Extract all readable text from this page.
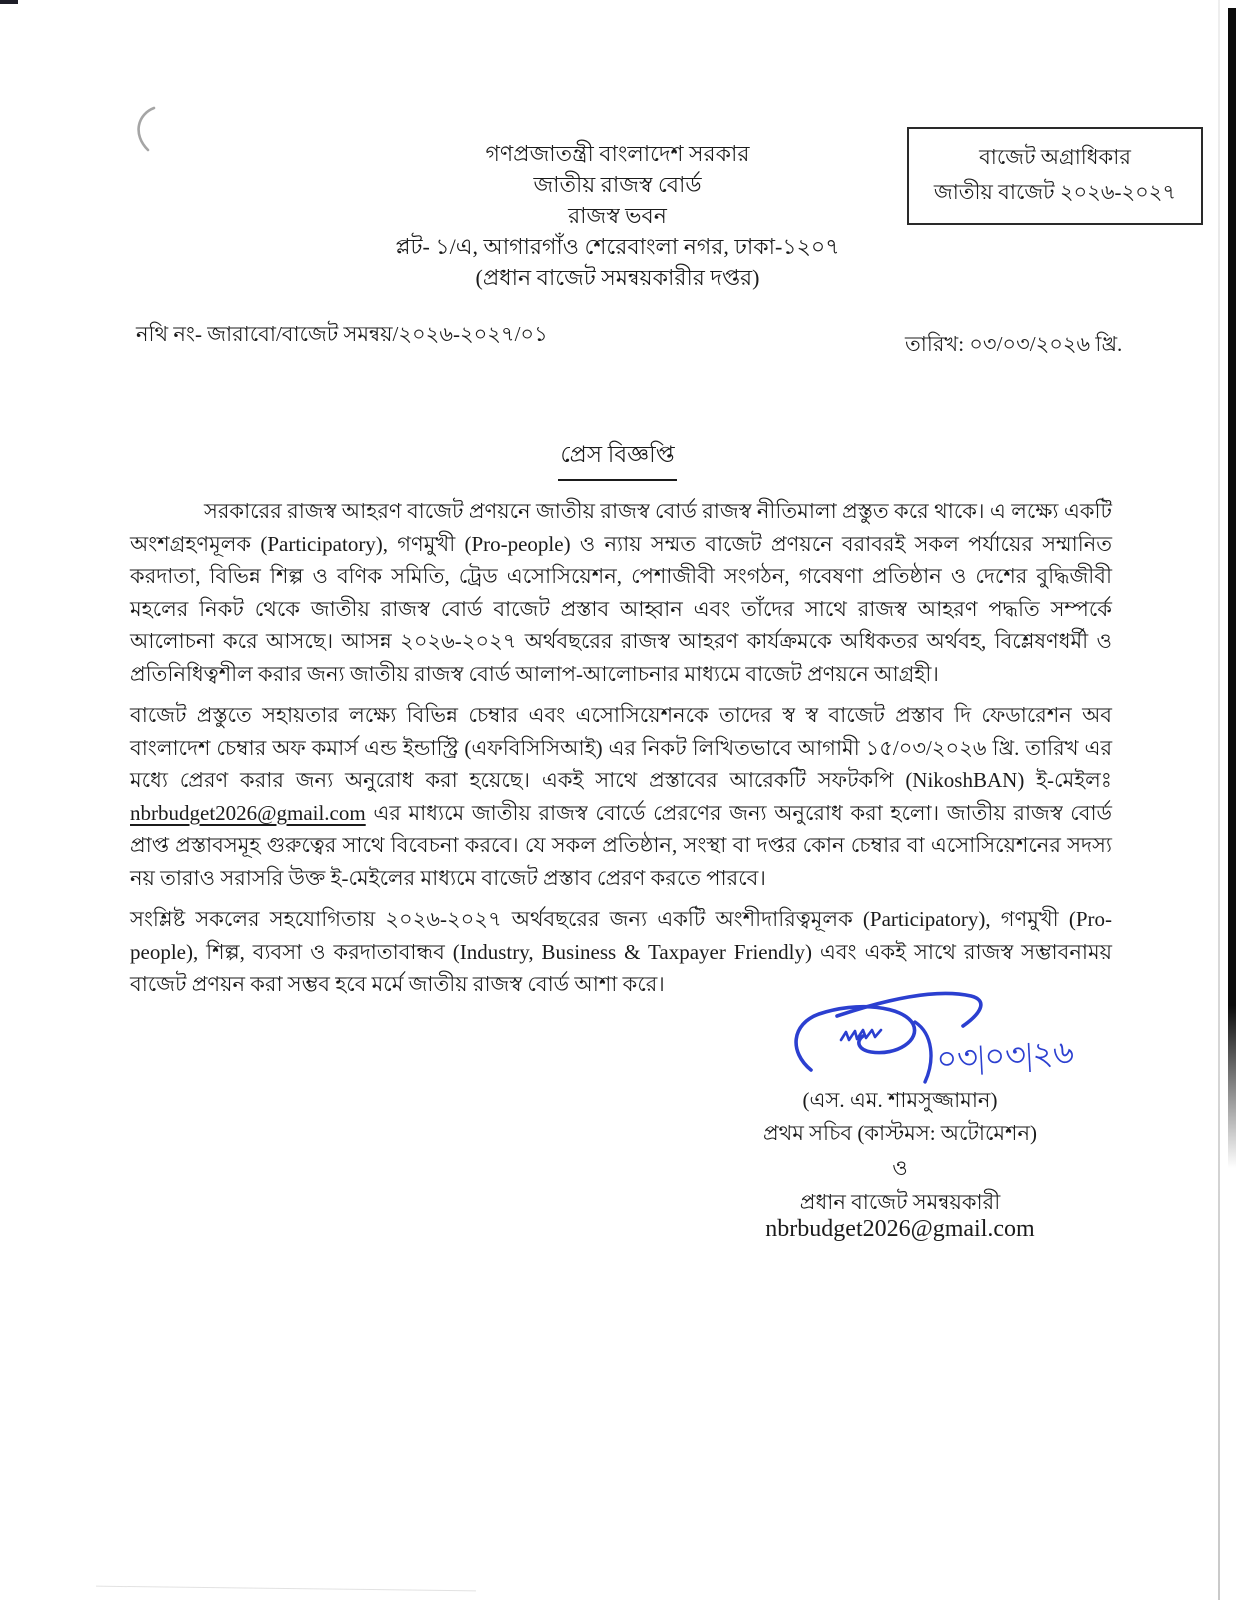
গণপ্রজাতন্ত্রী বাংলাদেশ সরকার
জাতীয় রাজস্ব বোর্ড
রাজস্ব ভবন
প্লট- ১/এ, আগারগাঁও শেরেবাংলা নগর, ঢাকা-১২০৭
(প্রধান বাজেট সমন্বয়কারীর দপ্তর)
বাজেট অগ্রাধিকার
জাতীয় বাজেট ২০২৬-২০২৭
নথি নং- জারাবো/বাজেট সমন্বয়/২০২৬-২০২৭/০১	তারিখ: ০৩/০৩/২০২৬ খ্রি.
প্রেস বিজ্ঞপ্তি

সরকারের রাজস্ব আহরণ বাজেট প্রণয়নে জাতীয় রাজস্ব বোর্ড রাজস্ব নীতিমালা প্রস্তুত করে থাকে। এ লক্ষ্যে একটি অংশগ্রহণমূলক (Participatory), গণমুখী (Pro-people) ও ন্যায় সম্মত বাজেট প্রণয়নে বরাবরই সকল পর্যায়ের সম্মানিত করদাতা, বিভিন্ন শিল্প ও বণিক সমিতি, ট্রেড এসোসিয়েশন, পেশাজীবী সংগঠন, গবেষণা প্রতিষ্ঠান ও দেশের বুদ্ধিজীবী মহলের নিকট থেকে জাতীয় রাজস্ব বোর্ড বাজেট প্রস্তাব আহ্বান এবং তাঁদের সাথে রাজস্ব আহরণ পদ্ধতি সম্পর্কে আলোচনা করে আসছে। আসন্ন ২০২৬-২০২৭ অর্থবছরের রাজস্ব আহরণ কার্যক্রমকে অধিকতর অর্থবহ, বিশ্লেষণধর্মী ও প্রতিনিধিত্বশীল করার জন্য জাতীয় রাজস্ব বোর্ড আলাপ-আলোচনার মাধ্যমে বাজেট প্রণয়নে আগ্রহী।

বাজেট প্রস্তুতে সহায়তার লক্ষ্যে বিভিন্ন চেম্বার এবং এসোসিয়েশনকে তাদের স্ব স্ব বাজেট প্রস্তাব দি ফেডারেশন অব বাংলাদেশ চেম্বার অফ কমার্স এন্ড ইন্ডাস্ট্রি (এফবিসিসিআই) এর নিকট লিখিতভাবে আগামী ১৫/০৩/২০২৬ খ্রি. তারিখ এর মধ্যে প্রেরণ করার জন্য অনুরোধ করা হয়েছে। একই সাথে প্রস্তাবের আরেকটি সফটকপি (NikoshBAN) ই-মেইলঃ nbrbudget2026@gmail.com এর মাধ্যমে জাতীয় রাজস্ব বোর্ডে প্রেরণের জন্য অনুরোধ করা হলো। জাতীয় রাজস্ব বোর্ড প্রাপ্ত প্রস্তাবসমূহ গুরুত্বের সাথে বিবেচনা করবে। যে সকল প্রতিষ্ঠান, সংস্থা বা দপ্তর কোন চেম্বার বা এসোসিয়েশনের সদস্য নয় তারাও সরাসরি উক্ত ই-মেইলের মাধ্যমে বাজেট প্রস্তাব প্রেরণ করতে পারবে।

সংশ্লিষ্ট সকলের সহযোগিতায় ২০২৬-২০২৭ অর্থবছরের জন্য একটি অংশীদারিত্বমূলক (Participatory), গণমুখী (Pro-people), শিল্প, ব্যবসা ও করদাতাবান্ধব (Industry, Business & Taxpayer Friendly) এবং একই সাথে রাজস্ব সম্ভাবনাময় বাজেট প্রণয়ন করা সম্ভব হবে মর্মে জাতীয় রাজস্ব বোর্ড আশা করে।

০৩|০৩|২৬
(এস. এম. শামসুজ্জামান)
প্রথম সচিব (কাস্টমস: অটোমেশন)
ও
প্রধান বাজেট সমন্বয়কারী
nbrbudget2026@gmail.com
